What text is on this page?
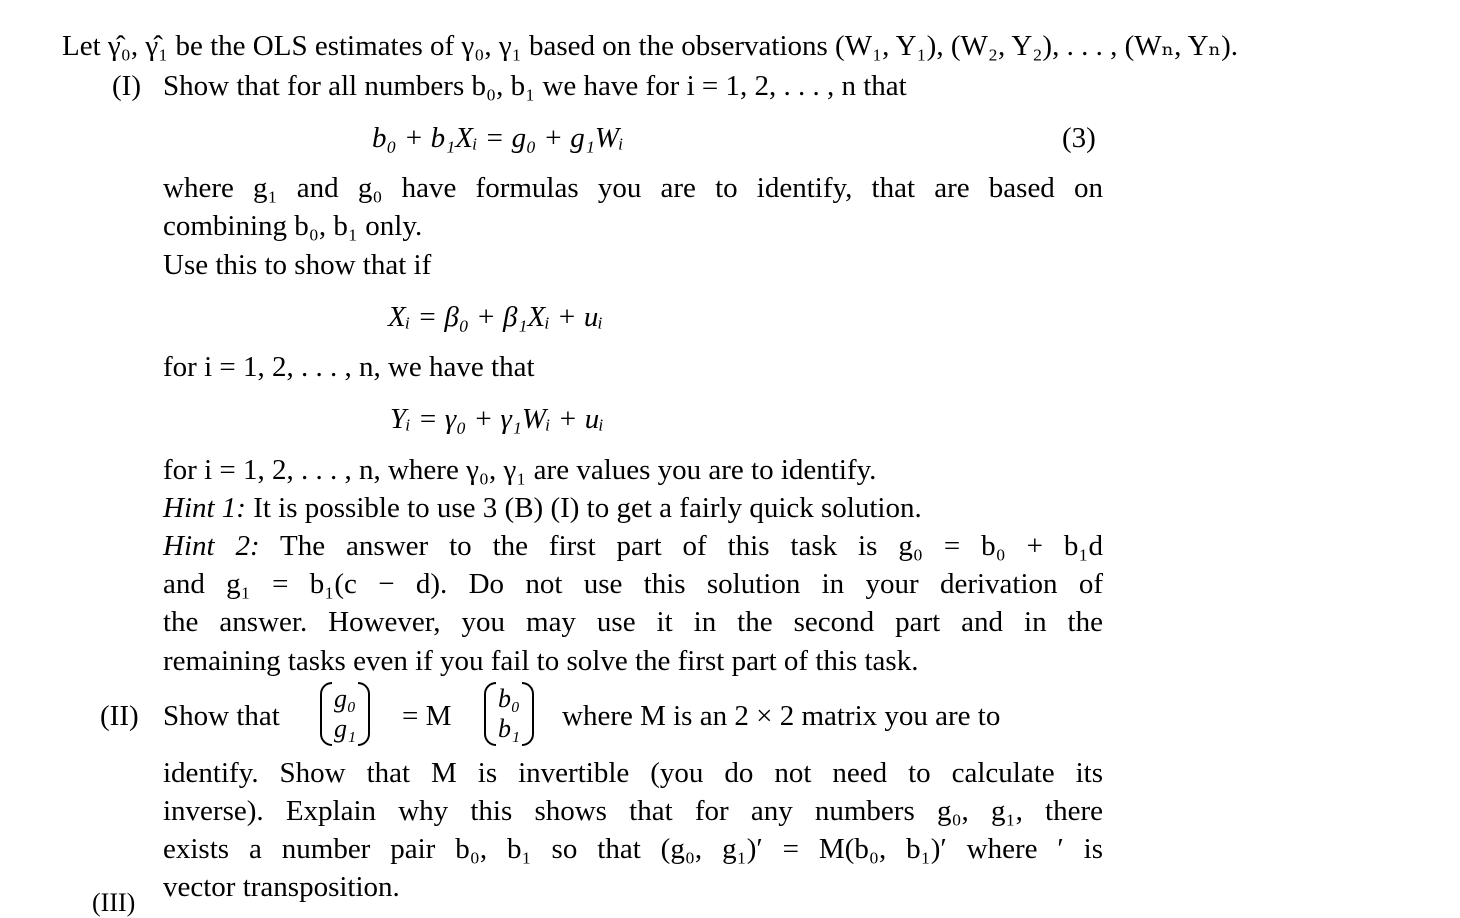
Let γ̂₀, γ̂₁ be the OLS estimates of γ₀, γ₁ based on the observations (W₁, Y₁), (W₂, Y₂), . . . , (Wₙ, Yₙ).
(I) Show that for all numbers b₀, b₁ we have for i = 1, 2, . . . , n that
b₀ + b₁Xᵢ = g₀ + g₁Wᵢ	(3)
where g₁ and g₀ have formulas you are to identify, that are based on
combining b₀, b₁ only.
Use this to show that if
Xᵢ = β₀ + β₁Xᵢ + uᵢ
for i = 1, 2, . . . , n, we have that
Yᵢ = γ₀ + γ₁Wᵢ + uᵢ
for i = 1, 2, . . . , n, where γ₀, γ₁ are values you are to identify.
Hint 1: It is possible to use 3 (B) (I) to get a fairly quick solution.
Hint 2: The answer to the first part of this task is g₀ = b₀ + b₁d
and g₁ = b₁(c − d). Do not use this solution in your derivation of
the answer. However, you may use it in the second part and in the
remaining tasks even if you fail to solve the first part of this task.
(II) Show that
g₀
g₁ = M
b₀
b₁ where M is an 2 × 2 matrix you are to
identify. Show that M is invertible (you do not need to calculate its
inverse). Explain why this shows that for any numbers g₀, g₁, there
exists a number pair b₀, b₁ so that (g₀, g₁)′ = M(b₀, b₁)′ where ′ is
vector transposition.
(III)
